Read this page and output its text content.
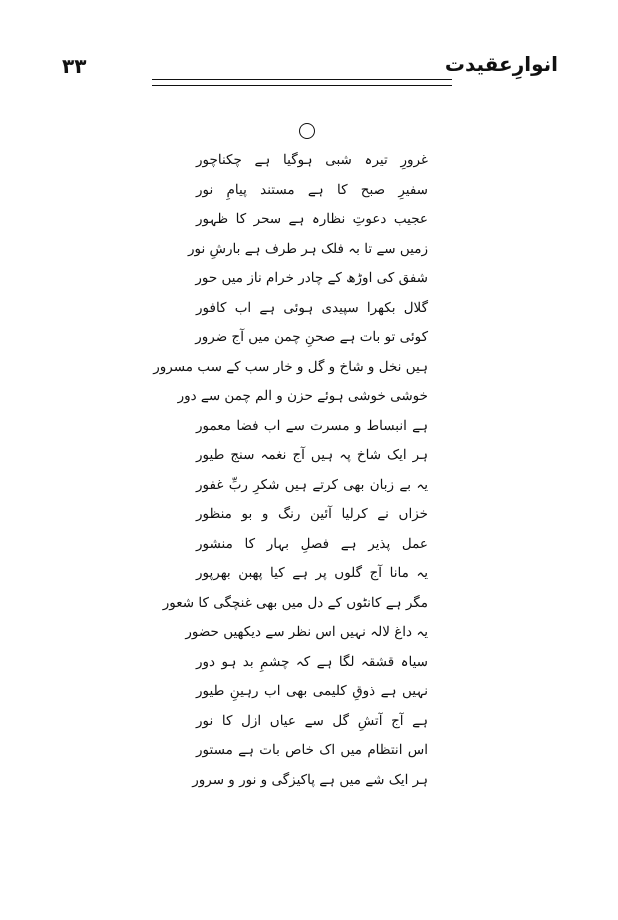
انوارِعقیدت
۳۳
غرورِ تیرہ شبی ہوگیا ہے چکناچور
سفیرِ صبح کا ہے مستند پیامِ نور
عجیب دعوتِ نظارہ ہے سحر کا ظہور
زمیں سے تا بہ فلک ہر طرف ہے بارشِ نور
شفق کی اوڑھ کے چادر خرام ناز میں حور
گلال بکھرا سپیدی ہوئی ہے اب کافور
کوئی تو بات ہے صحنِ چمن میں آج ضرور
ہیں نخل و شاخ و گل و خار سب کے سب مسرور
خوشی خوشی ہوئے حزن و الم چمن سے دور
ہے انبساط و مسرت سے اب فضا معمور
ہر ایک شاخ پہ ہیں آج نغمہ سنج طیور
یہ بے زبان بھی کرتے ہیں شکرِ ربِّ غفور
خزاں نے کرلیا آئین رنگ و بو منظور
عمل پذیر ہے فصلِ بہار کا منشور
یہ مانا آج گلوں پر ہے کیا پھبن بھرپور
مگر ہے کانٹوں کے دل میں بھی غنچگی کا شعور
یہ داغ لالہ نہیں اس نظر سے دیکھیں حضور
سیاہ قشقہ لگا ہے کہ چشمِ بد ہو دور
نہیں ہے ذوقِ کلیمی بھی اب رہینِ طیور
ہے آج آتشِ گل سے عیاں ازل کا نور
اس انتظام میں اک خاص بات ہے مستور
ہر ایک شے میں ہے پاکیزگی و نور و سرور
